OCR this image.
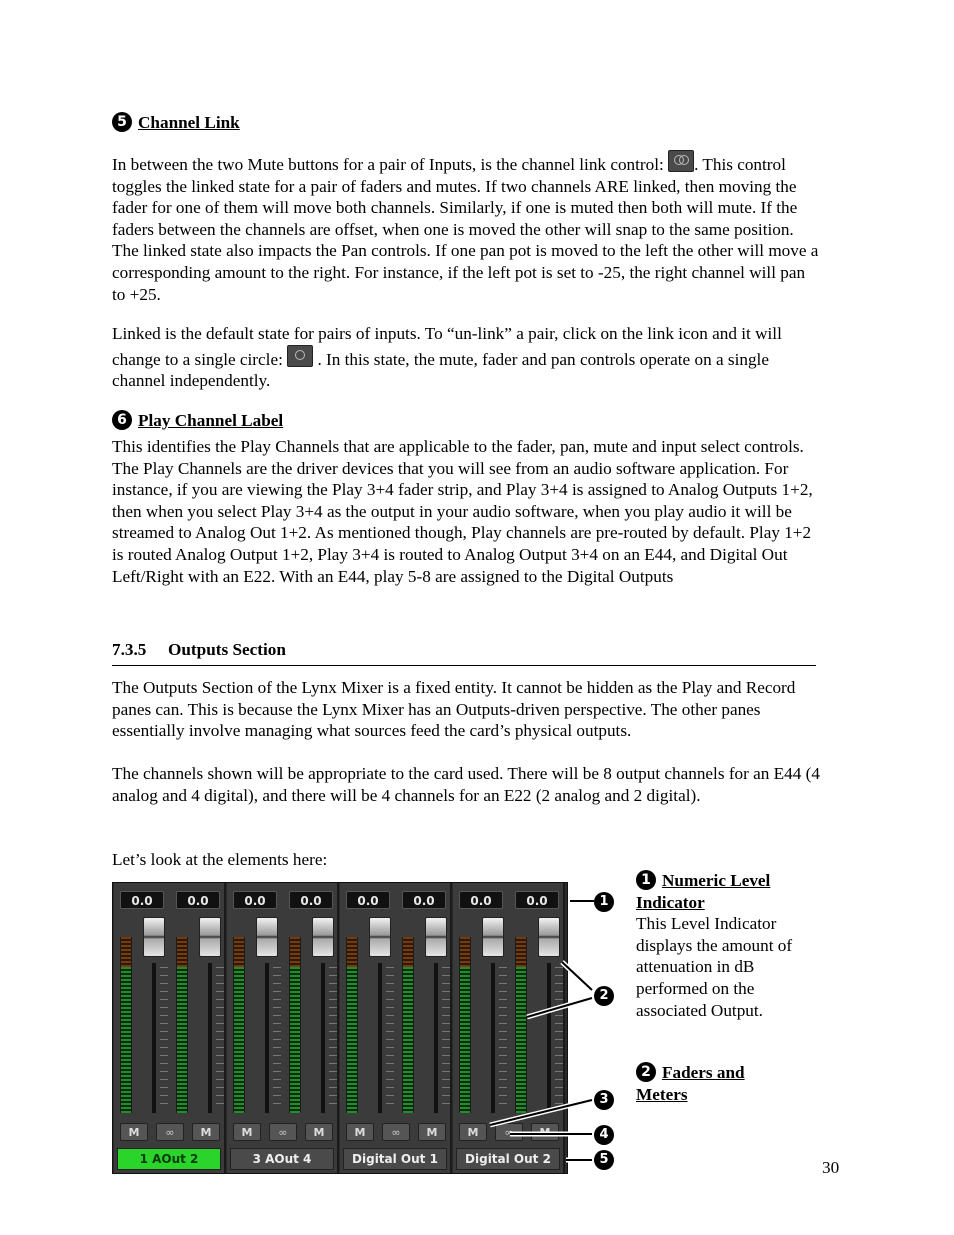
5 Channel Link

In between the two Mute buttons for a pair of Inputs, is the channel link control:
. This control toggles the linked state for a pair of faders and mutes. If two channels ARE linked, then moving the fader for one of them will move both channels. Similarly, if one is muted then both will mute. If the faders between the channels are offset, when one is moved the other will snap to the same position. The linked state also impacts the Pan controls. If one pan pot is moved to the left the other will move a corresponding amount to the right. For instance, if the left pot is set to -25, the right channel will pan to +25.

Linked is the default state for pairs of inputs. To “un-link” a pair, click on the link icon and it will change to a single circle:
. In this state, the mute, fader and pan controls operate on a single channel independently.

6 Play Channel Label

This identifies the Play Channels that are applicable to the fader, pan, mute and input select controls. The Play Channels are the driver devices that you will see from an audio software application. For instance, if you are viewing the Play 3+4 fader strip, and Play 3+4 is assigned to Analog Outputs 1+2, then when you select Play 3+4 as the output in your audio software, when you play audio it will be streamed to Analog Out 1+2. As mentioned though, Play channels are pre-routed by default. Play 1+2 is routed Analog Output 1+2, Play 3+4 is routed to Analog Output 3+4 on an E44, and Digital Out Left/Right with an E22. With an E44, play 5-8 are assigned to the Digital Outputs

7.3.5 Outputs Section

The Outputs Section of the Lynx Mixer is a fixed entity. It cannot be hidden as the Play and Record panes can. This is because the Lynx Mixer has an Outputs-driven perspective. The other panes essentially involve managing what sources feed the card’s physical outputs.

The channels shown will be appropriate to the card used. There will be 8 output channels for an E44 (4 analog and 4 digital), and there will be 4 channels for an E22 (2 analog and 2 digital).

Let’s look at the elements here:

0.0	0.0
M	∞	M
1 AOut 2
0.0	0.0
M	∞	M
3 AOut 4
0.0	0.0
M	∞	M
Digital Out 1
0.0	0.0
M	∞	M
Digital Out 2
1
2
3
4
5
1 Numeric Level
Indicator
This Level Indicator displays the amount of attenuation in dB performed on the associated Output.
2 Faders and
Meters
30
